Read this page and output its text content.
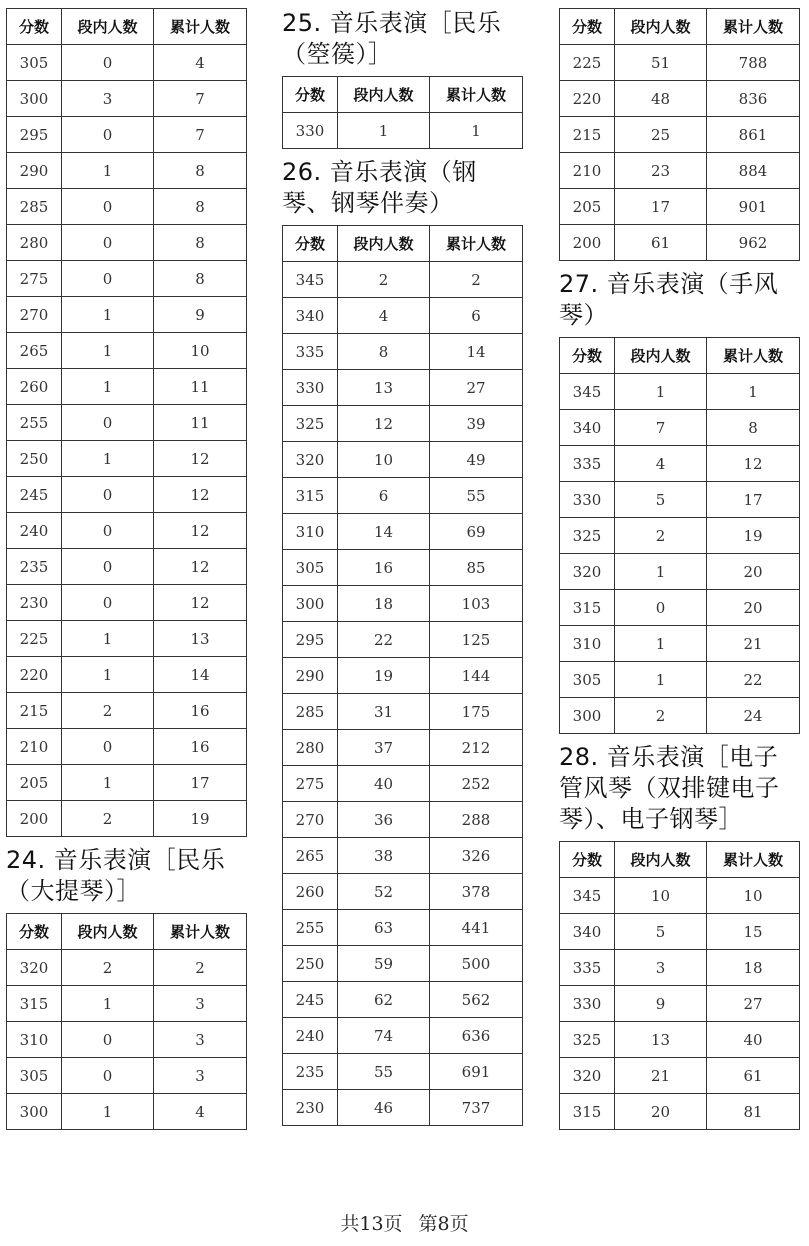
分数	段内人数	累计人数
305	0	4
300	3	7
295	0	7
290	1	8
285	0	8
280	0	8
275	0	8
270	1	9
265	1	10
260	1	11
255	0	11
250	1	12
245	0	12
240	0	12
235	0	12
230	0	12
225	1	13
220	1	14
215	2	16
210	0	16
205	1	17
200	2	19
24. 音乐表演［民乐（大提琴）］
分数	段内人数	累计人数
320	2	2
315	1	3
310	0	3
305	0	3
300	1	4
25. 音乐表演［民乐（箜篌）］
分数	段内人数	累计人数
330	1	1
26. 音乐表演（钢琴、钢琴伴奏）
分数	段内人数	累计人数
345	2	2
340	4	6
335	8	14
330	13	27
325	12	39
320	10	49
315	6	55
310	14	69
305	16	85
300	18	103
295	22	125
290	19	144
285	31	175
280	37	212
275	40	252
270	36	288
265	38	326
260	52	378
255	63	441
250	59	500
245	62	562
240	74	636
235	55	691
230	46	737
分数	段内人数	累计人数
225	51	788
220	48	836
215	25	861
210	23	884
205	17	901
200	61	962
27. 音乐表演（手风琴）
分数	段内人数	累计人数
345	1	1
340	7	8
335	4	12
330	5	17
325	2	19
320	1	20
315	0	20
310	1	21
305	1	22
300	2	24
28. 音乐表演［电子管风琴（双排键电子琴）、电子钢琴］
分数	段内人数	累计人数
345	10	10
340	5	15
335	3	18
330	9	27
325	13	40
320	21	61
315	20	81
共13页 第8页
